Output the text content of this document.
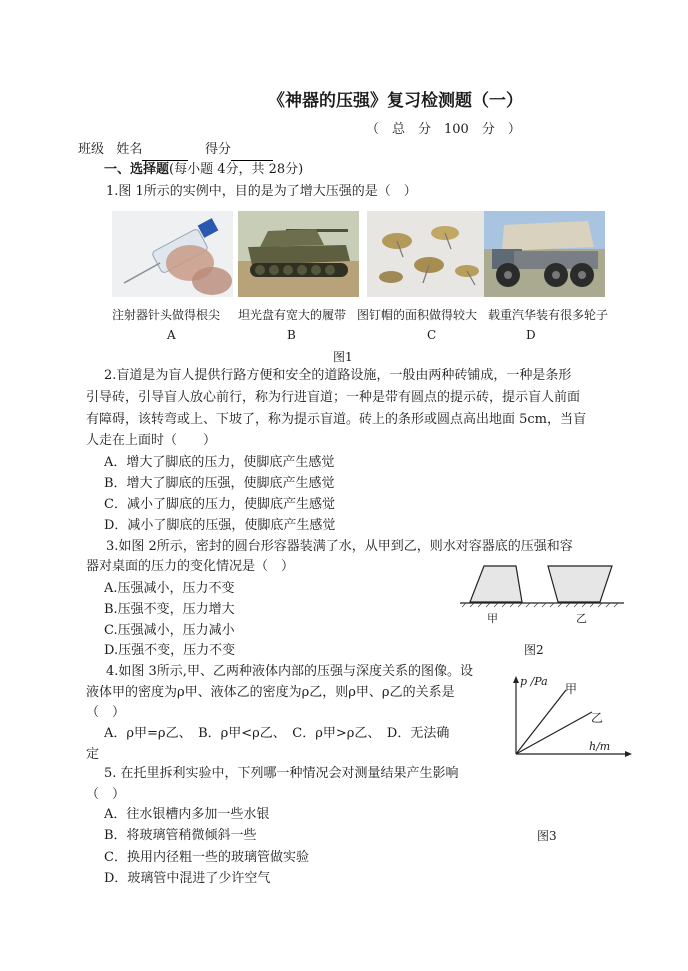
《神器的压强》复习检测题（一）
（　总　分　100　分　）
班级 姓名	得分
一、选择题(每小题 4分，共 28分)
1.图 1所示的实例中，目的是为了增大压强的是（　）
注射器针头做得根尖 坦光盘有宽大的履带 图钉帽的面积做得较大 载重汽华装有很多轮子
A	B	C	D
图1
2.盲道是为盲人提供行路方便和安全的道路设施，一般由两种砖铺成，一种是条形
引导砖，引导盲人放心前行，称为行进盲道；一种是带有圆点的提示砖，提示盲人前面
有障碍，该转弯或上、下坡了，称为提示盲道。砖上的条形或圆点高出地面 5cm，当盲
人走在上面时（　　）
A．增大了脚底的压力，使脚底产生感觉
B．增大了脚底的压强，使脚底产生感觉
C．减小了脚底的压力，使脚底产生感觉
D．减小了脚底的压强，使脚底产生感觉
3.如图 2所示，密封的圆台形容器装满了水，从甲到乙，则水对容器底的压强和容
器对桌面的压力的变化情况是（　）
A.压强减小，压力不变
B.压强不变，压力增大
C.压强减小，压力减小
D.压强不变，压力不变
甲	乙
图2
4.如图 3所示,甲、乙两种液体内部的压强与深度关系的图像。设
液体甲的密度为ρ甲、液体乙的密度为ρ乙，则ρ甲、ρ乙的关系是
（　）
A．ρ甲=ρ乙、　B．ρ甲<ρ乙、　C．ρ甲>ρ乙、　D．无法确
定
p /Pa
甲
乙
h/m
5. 在托里拆利实验中，下列哪一种情况会对测量结果产生影响
（　）
A．往水银槽内多加一些水银
B．将玻璃管稍微倾斜一些
C．换用内径粗一些的玻璃管做实验
D．玻璃管中混进了少许空气
图3
